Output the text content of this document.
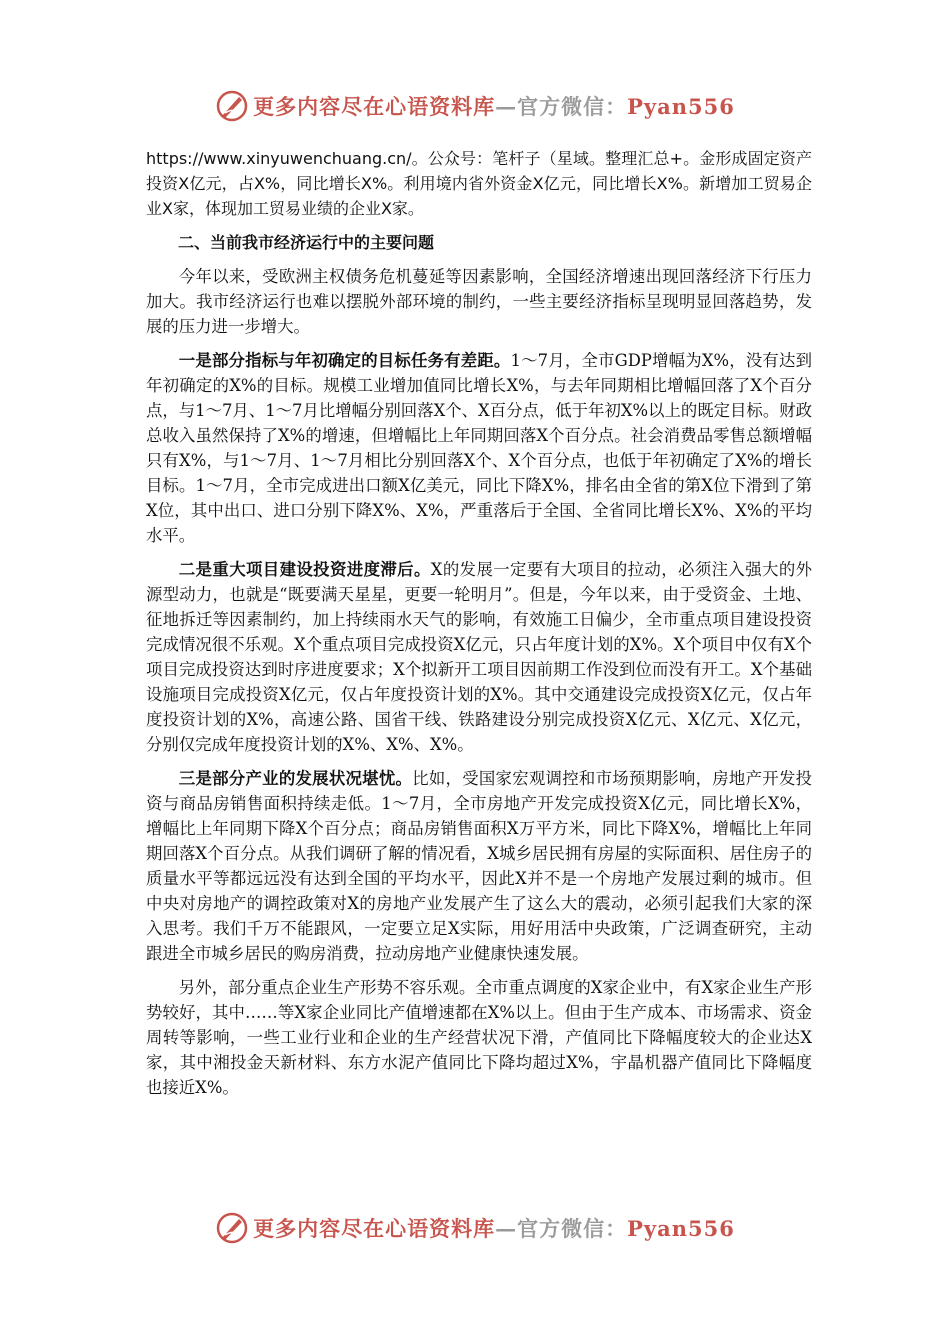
更多内容尽在心语资料库—官方微信：Pyan556

https://www.xinyuwenchuang.cn/。公众号：笔杆子（星域。整理汇总+。金形成固定资产投资X亿元，占X%，同比增长X%。利用境内省外资金X亿元，同比增长X%。新增加工贸易企业X家，体现加工贸易业绩的企业X家。

二、当前我市经济运行中的主要问题

今年以来，受欧洲主权债务危机蔓延等因素影响，全国经济增速出现回落经济下行压力加大。我市经济运行也难以摆脱外部环境的制约，一些主要经济指标呈现明显回落趋势，发展的压力进一步增大。

一是部分指标与年初确定的目标任务有差距。1～7月，全市GDP增幅为X%，没有达到年初确定的X%的目标。规模工业增加值同比增长X%，与去年同期相比增幅回落了X个百分点，与1～7月、1～7月比增幅分别回落X个、X百分点，低于年初X%以上的既定目标。财政总收入虽然保持了X%的增速，但增幅比上年同期回落X个百分点。社会消费品零售总额增幅只有X%，与1～7月、1～7月相比分别回落X个、X个百分点，也低于年初确定了X%的增长目标。1～7月，全市完成进出口额X亿美元，同比下降X%，排名由全省的第X位下滑到了第X位，其中出口、进口分别下降X%、X%，严重落后于全国、全省同比增长X%、X%的平均水平。

二是重大项目建设投资进度滞后。X的发展一定要有大项目的拉动，必须注入强大的外源型动力，也就是“既要满天星星，更要一轮明月”。但是，今年以来，由于受资金、土地、征地拆迁等因素制约，加上持续雨水天气的影响，有效施工日偏少，全市重点项目建设投资完成情况很不乐观。X个重点项目完成投资X亿元，只占年度计划的X%。X个项目中仅有X个项目完成投资达到时序进度要求；X个拟新开工项目因前期工作没到位而没有开工。X个基础设施项目完成投资X亿元，仅占年度投资计划的X%。其中交通建设完成投资X亿元，仅占年度投资计划的X%，高速公路、国省干线、铁路建设分别完成投资X亿元、X亿元、X亿元，分别仅完成年度投资计划的X%、X%、X%。

三是部分产业的发展状况堪忧。比如，受国家宏观调控和市场预期影响，房地产开发投资与商品房销售面积持续走低。1～7月，全市房地产开发完成投资X亿元，同比增长X%，增幅比上年同期下降X个百分点；商品房销售面积X万平方米，同比下降X%，增幅比上年同期回落X个百分点。从我们调研了解的情况看，X城乡居民拥有房屋的实际面积、居住房子的质量水平等都远远没有达到全国的平均水平，因此X并不是一个房地产发展过剩的城市。但中央对房地产的调控政策对X的房地产业发展产生了这么大的震动，必须引起我们大家的深入思考。我们千万不能跟风，一定要立足X实际，用好用活中央政策，广泛调查研究，主动跟进全市城乡居民的购房消费，拉动房地产业健康快速发展。

另外，部分重点企业生产形势不容乐观。全市重点调度的X家企业中，有X家企业生产形势较好，其中……等X家企业同比产值增速都在X%以上。但由于生产成本、市场需求、资金周转等影响，一些工业行业和企业的生产经营状况下滑，产值同比下降幅度较大的企业达X家，其中湘投金天新材料、东方水泥产值同比下降均超过X%，宇晶机器产值同比下降幅度也接近X%。

更多内容尽在心语资料库—官方微信：Pyan556
